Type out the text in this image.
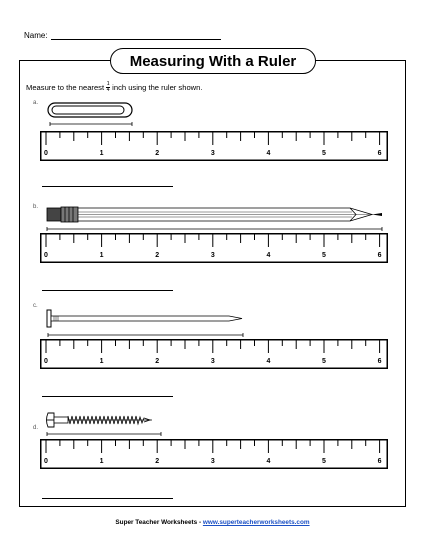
Name:
Measuring With a Ruler
Measure to the nearest $\frac{1}{4}$ inch using the ruler shown.
a.
b.
c.
d.
0	1	2	3	4	5	6
0	1	2	3	4	5	6
0	1	2	3	4	5	6
0	1	2	3	4	5	6
Super Teacher Worksheets - www.superteacherworksheets.com
